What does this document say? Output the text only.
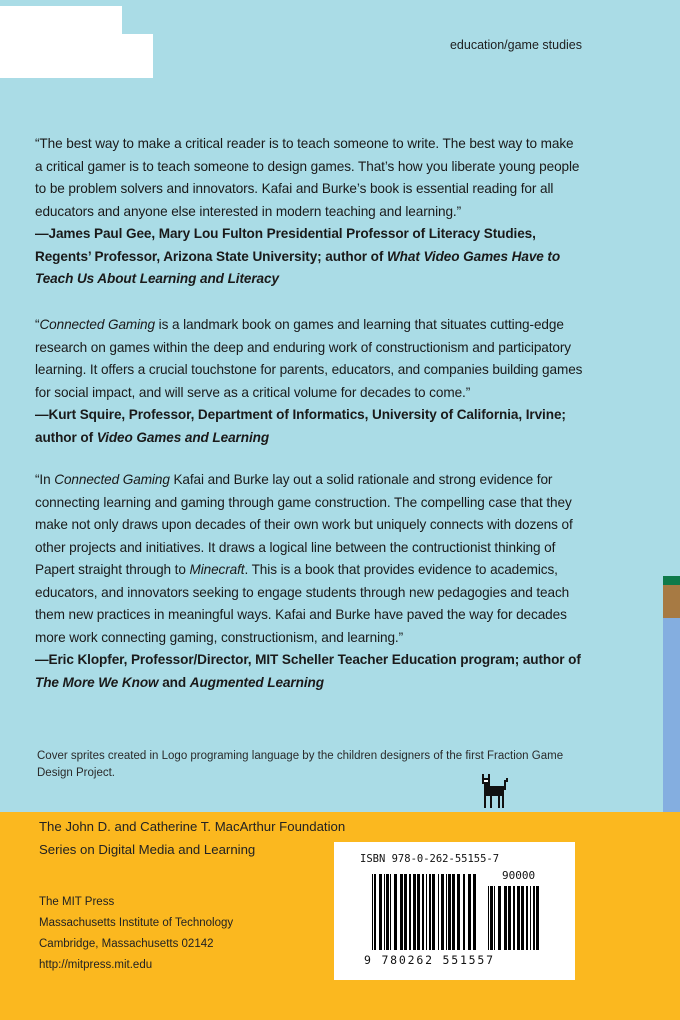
education/game studies

“The best way to make a critical reader is to teach someone to write. The best way to make a critical gamer is to teach someone to design games. That’s how you liberate young people to be problem solvers and innovators. Kafai and Burke’s book is essential reading for all educators and anyone else interested in modern teaching and learning.”

—James Paul Gee, Mary Lou Fulton Presidential Professor of Literacy Studies, Regents’ Professor, Arizona State University; author of What Video Games Have to Teach Us About Learning and Literacy

“Connected Gaming is a landmark book on games and learning that situates cutting-edge research on games within the deep and enduring work of constructionism and participatory learning. It offers a crucial touchstone for parents, educators, and companies building games for social impact, and will serve as a critical volume for decades to come.”

—Kurt Squire, Professor, Department of Informatics, University of California, Irvine; author of Video Games and Learning

“In Connected Gaming Kafai and Burke lay out a solid rationale and strong evidence for connecting learning and gaming through game construction. The compelling case that they make not only draws upon decades of their own work but uniquely connects with dozens of other projects and initiatives. It draws a logical line between the contructionist thinking of Papert straight through to Minecraft. This is a book that provides evidence to academics, educators, and innovators seeking to engage students through new pedagogies and teach them new practices in meaningful ways. Kafai and Burke have paved the way for decades more work connecting gaming, constructionism, and learning.”

—Eric Klopfer, Professor/Director, MIT Scheller Teacher Education program; author of The More We Know and Augmented Learning

Cover sprites created in Logo programing language by the children designers of the first Fraction Game Design Project.
The John D. and Catherine T. MacArthur Foundation Series on Digital Media and Learning
The MIT Press
Massachusetts Institute of Technology
Cambridge, Massachusetts 02142
http://mitpress.mit.edu
ISBN 978-0-262-55155-7
90000
9 780262 551557
